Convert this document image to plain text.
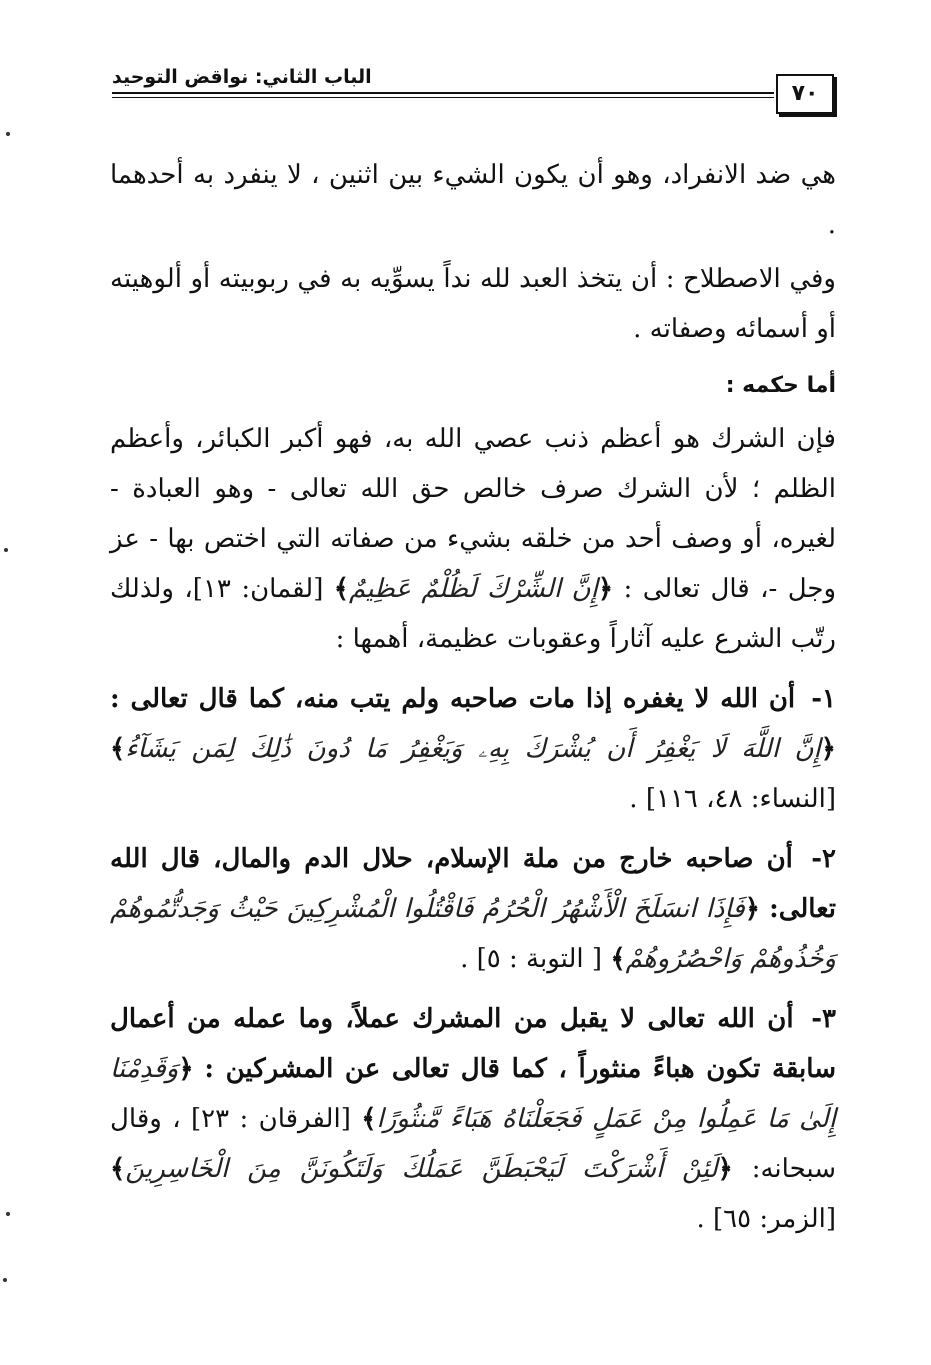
الباب الثاني: نواقض التوحيد
٧٠

هي ضد الانفراد، وهو أن يكون الشيء بين اثنين ، لا ينفرد به أحدهما .

وفي الاصطلاح : أن يتخذ العبد لله نداً يسوِّيه به في ربوبيته أو ألوهيته أو أسمائه وصفاته .

أما حكمه :

فإن الشرك هو أعظم ذنب عصي الله به، فهو أكبر الكبائر، وأعظم الظلم ؛ لأن الشرك صرف خالص حق الله تعالى - وهو العبادة - لغيره، أو وصف أحد من خلقه بشيء من صفاته التي اختص بها - عز وجل -، قال تعالى : ﴿إِنَّ الشِّرْكَ لَظُلْمٌ عَظِيمٌ﴾ [لقمان: ١٣]، ولذلك رتّب الشرع عليه آثاراً وعقوبات عظيمة، أهمها :

١- أن الله لا يغفره إذا مات صاحبه ولم يتب منه، كما قال تعالى : ﴿إِنَّ اللَّهَ لَا يَغْفِرُ أَن يُشْرَكَ بِهِۦ وَيَغْفِرُ مَا دُونَ ذَٰلِكَ لِمَن يَشَآءُ﴾ [النساء: ٤٨، ١١٦] .

٢- أن صاحبه خارج من ملة الإسلام، حلال الدم والمال، قال الله تعالى: ﴿فَإِذَا انسَلَخَ الْأَشْهُرُ الْحُرُمُ فَاقْتُلُوا الْمُشْرِكِينَ حَيْثُ وَجَدتُّمُوهُمْ وَخُذُوهُمْ وَاحْصُرُوهُمْ﴾ [ التوبة : ٥] .

٣- أن الله تعالى لا يقبل من المشرك عملاً، وما عمله من أعمال سابقة تكون هباءً منثوراً ، كما قال تعالى عن المشركين : ﴿وَقَدِمْنَا إِلَىٰ مَا عَمِلُوا مِنْ عَمَلٍ فَجَعَلْنَاهُ هَبَاءً مَّنثُورًا﴾ [الفرقان : ٢٣] ، وقال سبحانه: ﴿لَئِنْ أَشْرَكْتَ لَيَحْبَطَنَّ عَمَلُكَ وَلَتَكُونَنَّ مِنَ الْخَاسِرِينَ﴾ [الزمر: ٦٥] .
